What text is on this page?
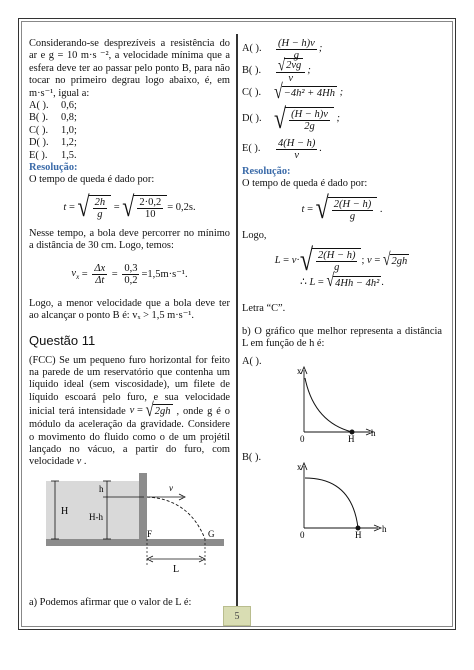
Considerando-se desprezíveis a resistência do ar e g = 10 m·s ⁻², a velocidade mínima que a esfera deve ter ao passar pelo ponto B, para não tocar no primeiro degrau logo abaixo, é, em m·s⁻¹, igual a:

A( ).	0,6;
B( ).	0,8;
C( ).	1,0;
D( ).	1,2;
E( ).	1,5.
Resolução:

O tempo de queda é dado por:

t = √ $\frac{2h}{g}$ = √ $\frac{2\cdot 0,2}{10} = 0,2s$.

Nesse tempo, a bola deve percorrer no mínimo a distância de 30 cm. Logo, temos:

$v_x = \frac{\Delta x}{\Delta t} = \frac{0,3}{0,2} =1,5m\cdot s^{-1}$.

Logo, a menor velocidade que a bola deve ter ao alcançar o ponto B é: vₓ > 1,5 m·s⁻¹.

Questão 11

(FCC) Se um pequeno furo horizontal for feito na parede de um reservatório que contenha um líquido ideal (sem viscosidade), um filete de líquido escoará pelo furo, e sua velocidade inicial terá intensidade v = √ 2gh , onde g é o módulo da aceleração da gravidade. Considere o movimento do fluido como o de um projétil lançado no vácuo, a partir do furo, com velocidade v .

H
h
H-h
v
F	G
L

a) Podemos afirmar que o valor de L é:

A( ).	$\frac{(H - h)v}{g}$ ;
B( ).	$\frac{√ 2vg}{v}$ ;
C( ). √ −4h² + 4Hh ;
D( ). √ $\frac{(H - h)v}{2g}$ ;
E( ).	$\frac{4(H - h)}{v}$ .
Resolução:

O tempo de queda é dado por:

t = √ $\frac{2(H - h)}{g}$ .

Logo,

L = v · √ $\frac{2(H - h)}{g}$ ; v = √ 2gh
∴
L = √ 4Hh − 4h² .

Letra “C”.

b) O gráfico que melhor representa a distância L em função de h é:

A( ).
x
h
0	H
B( ).
x
h
0	H
5
